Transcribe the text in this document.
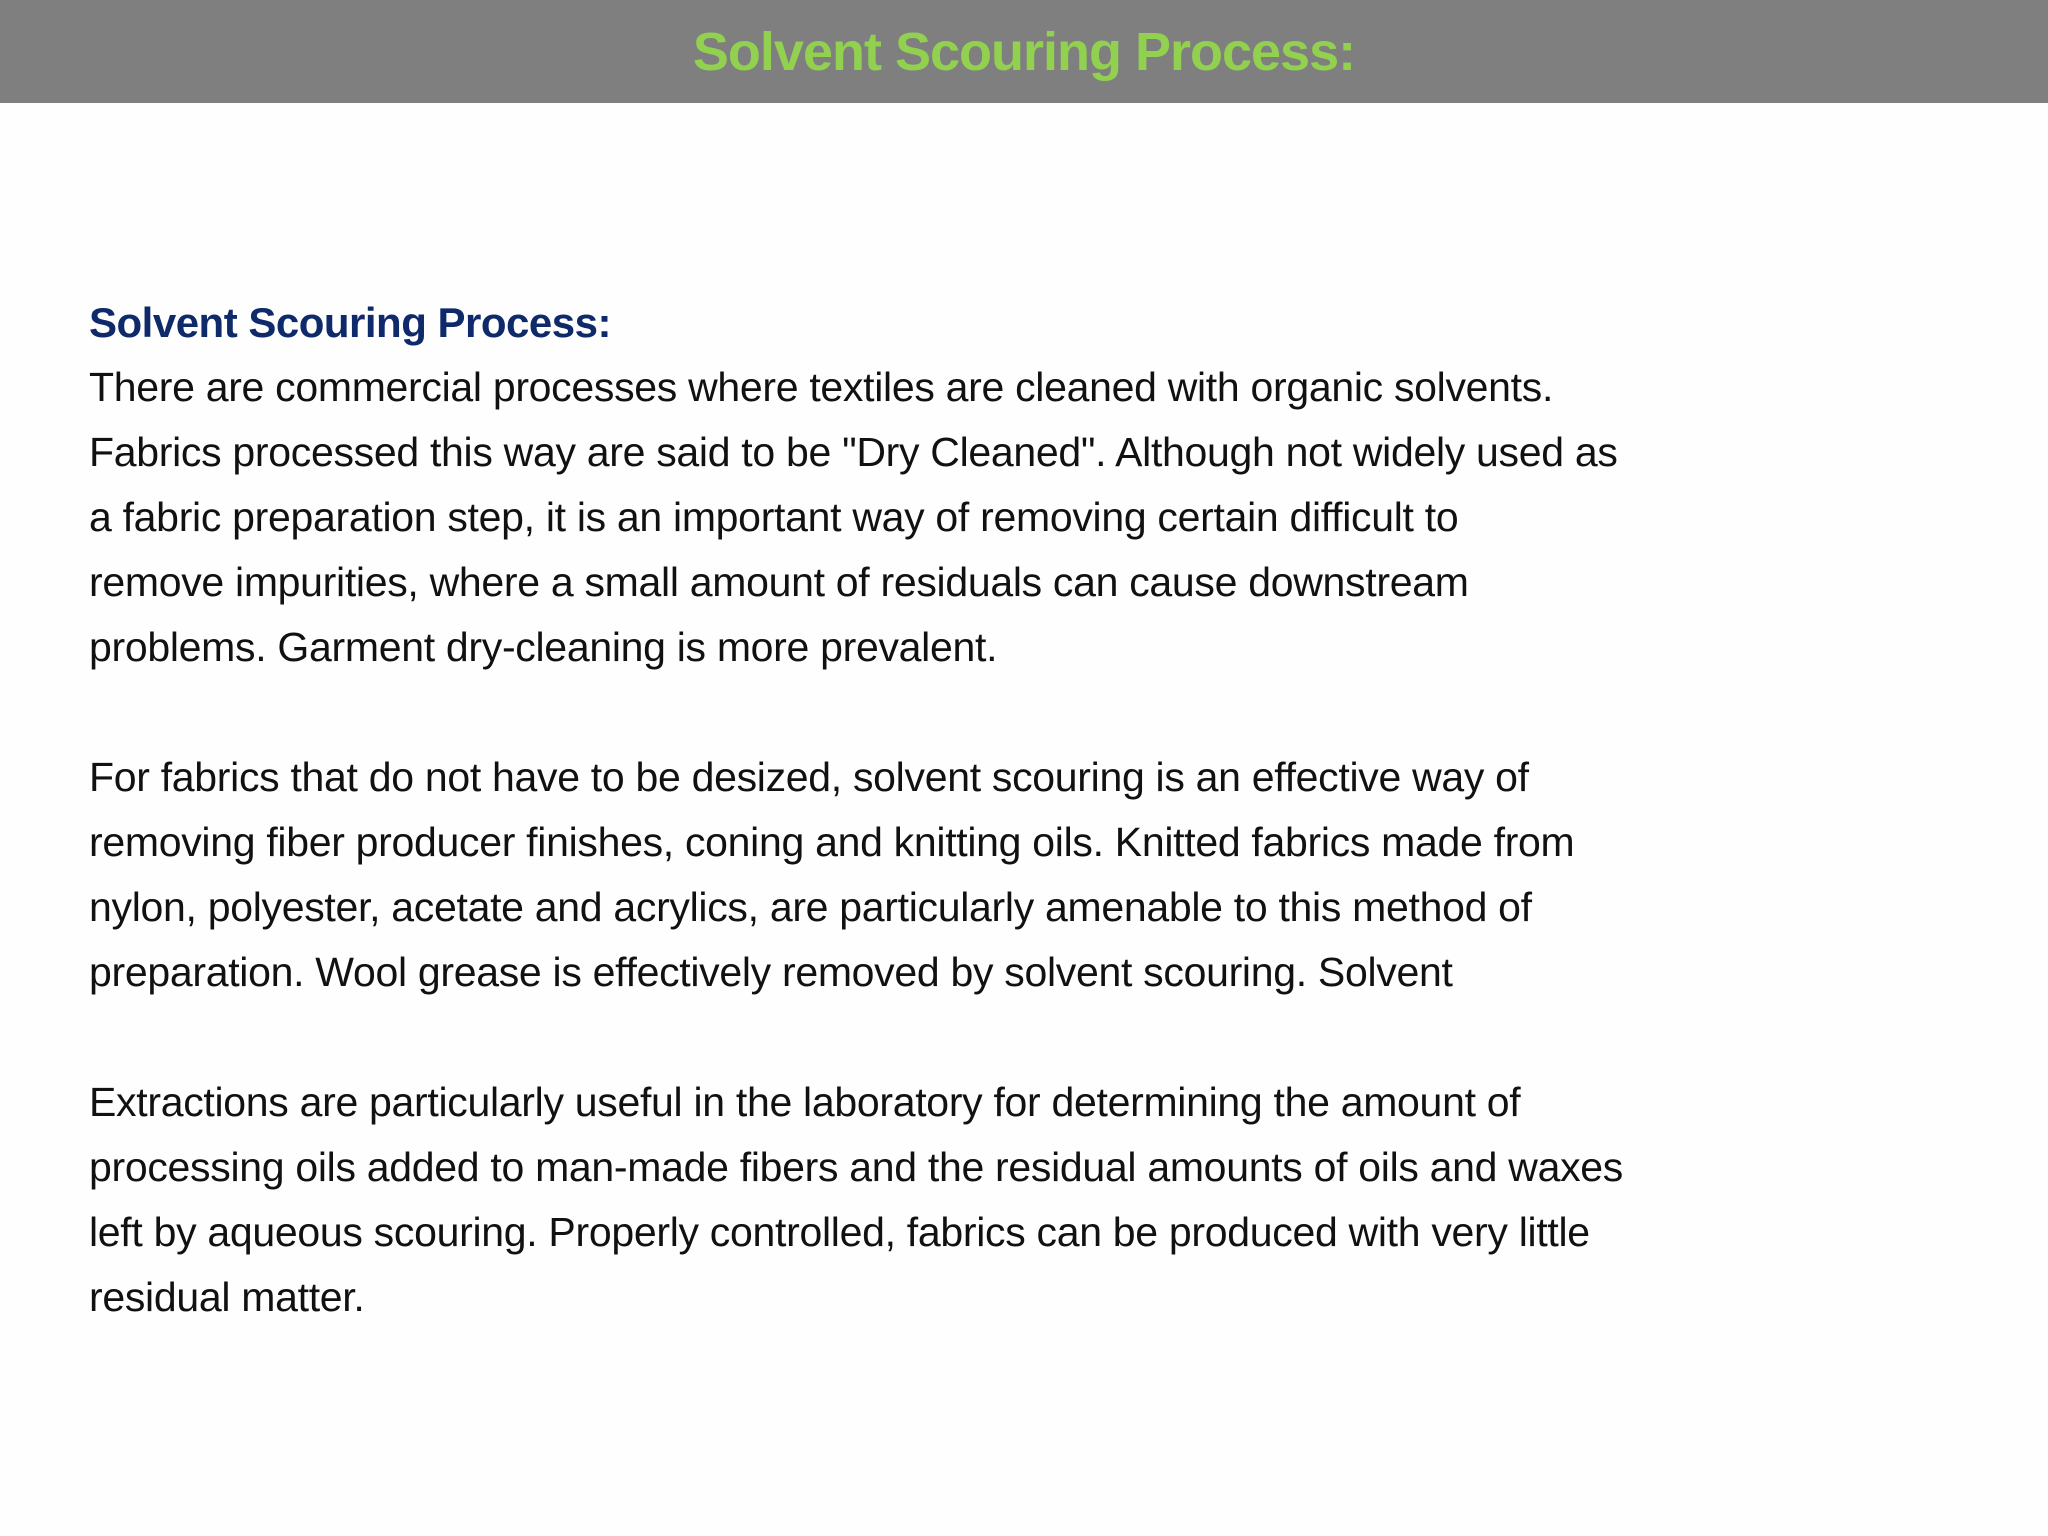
Solvent Scouring Process:
Solvent Scouring Process:
There are commercial processes where textiles are cleaned with organic solvents.
Fabrics processed this way are said to be "Dry Cleaned". Although not widely used as
a fabric preparation step, it is an important way of removing certain difficult to
remove impurities, where a small amount of residuals can cause downstream
problems. Garment dry-cleaning is more prevalent.
For fabrics that do not have to be desized, solvent scouring is an effective way of
removing fiber producer finishes, coning and knitting oils. Knitted fabrics made from
nylon, polyester, acetate and acrylics, are particularly amenable to this method of
preparation. Wool grease is effectively removed by solvent scouring. Solvent
Extractions are particularly useful in the laboratory for determining the amount of
processing oils added to man-made fibers and the residual amounts of oils and waxes
left by aqueous scouring. Properly controlled, fabrics can be produced with very little
residual matter.
